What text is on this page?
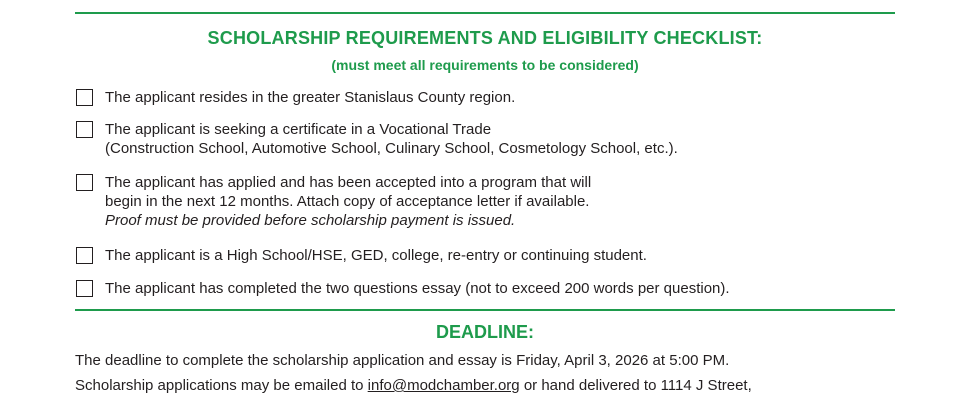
SCHOLARSHIP REQUIREMENTS AND ELIGIBILITY CHECKLIST:
(must meet all requirements to be considered)
The applicant resides in the greater Stanislaus County region.
The applicant is seeking a certificate in a Vocational Trade
(Construction School, Automotive School, Culinary School, Cosmetology School, etc.).
The applicant has applied and has been accepted into a program that will
begin in the next 12 months. Attach copy of acceptance letter if available.
Proof must be provided before scholarship payment is issued.
The applicant is a High School/HSE, GED, college, re-entry or continuing student.
The applicant has completed the two questions essay (not to exceed 200 words per question).
DEADLINE:
The deadline to complete the scholarship application and essay is Friday, April 3, 2026 at 5:00 PM.
Scholarship applications may be emailed to info@modchamber.org or hand delivered to 1114 J Street,
